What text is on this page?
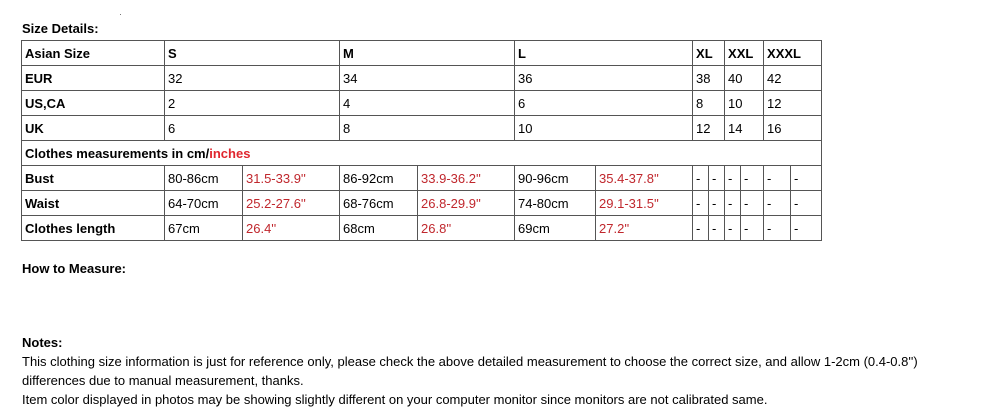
Size Details:
Asian Size	S		M		L		XL		XXL		XXXL	
EUR	32		34		36		38		40		42	
US,CA	2		4		6		8		10		12	
UK	6		8		10		12		14		16	
Clothes measurements in cm/inches												
Bust	80-86cm	31.5-33.9''	86-92cm	33.9-36.2''	90-96cm	35.4-37.8''	-	-	-	-	-	-
Waist	64-70cm	25.2-27.6''	68-76cm	26.8-29.9''	74-80cm	29.1-31.5''	-	-	-	-	-	-
Clothes length	67cm	26.4''	68cm	26.8''	69cm	27.2''	-	-	-	-	-	-
How to Measure:

Notes:

This clothing size information is just for reference only, please check the above detailed measurement to choose the correct size, and allow 1-2cm (0.4-0.8'') differences due to manual measurement, thanks.

Item color displayed in photos may be showing slightly different on your computer monitor since monitors are not calibrated same.
